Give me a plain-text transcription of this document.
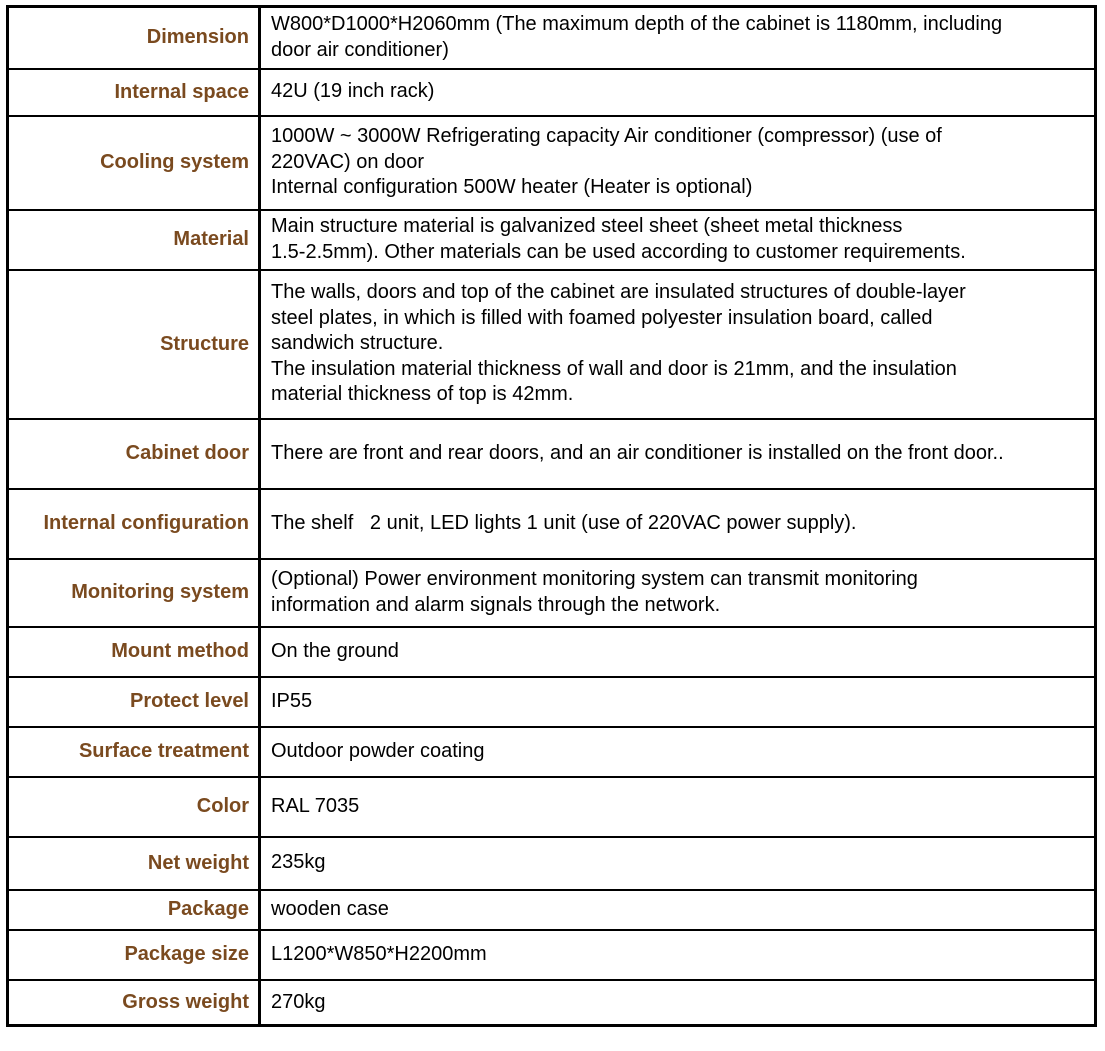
Dimension	W800*D1000*H2060mm (The maximum depth of the cabinet is 1180mm, including
door air conditioner)

Internal space	42U (19 inch rack)

Cooling system	1000W ~ 3000W Refrigerating capacity Air conditioner (compressor) (use of
220VAC) on door
Internal configuration 500W heater (Heater is optional)

Material	Main structure material is galvanized steel sheet (sheet metal thickness
1.5-2.5mm). Other materials can be used according to customer requirements.

Structure	The walls, doors and top of the cabinet are insulated structures of double-layer
steel plates, in which is filled with foamed polyester insulation board, called
sandwich structure.
The insulation material thickness of wall and door is 21mm, and the insulation
material thickness of top is 42mm.

Cabinet door	There are front and rear doors, and an air conditioner is installed on the front door..

Internal configuration	The shelf   2 unit, LED lights 1 unit (use of 220VAC power supply).

Monitoring system	(Optional) Power environment monitoring system can transmit monitoring
information and alarm signals through the network.

Mount method	On the ground

Protect level	IP55

Surface treatment	Outdoor powder coating

Color	RAL 7035

Net weight	235kg

Package	wooden case

Package size	L1200*W850*H2200mm

Gross weight	270kg
